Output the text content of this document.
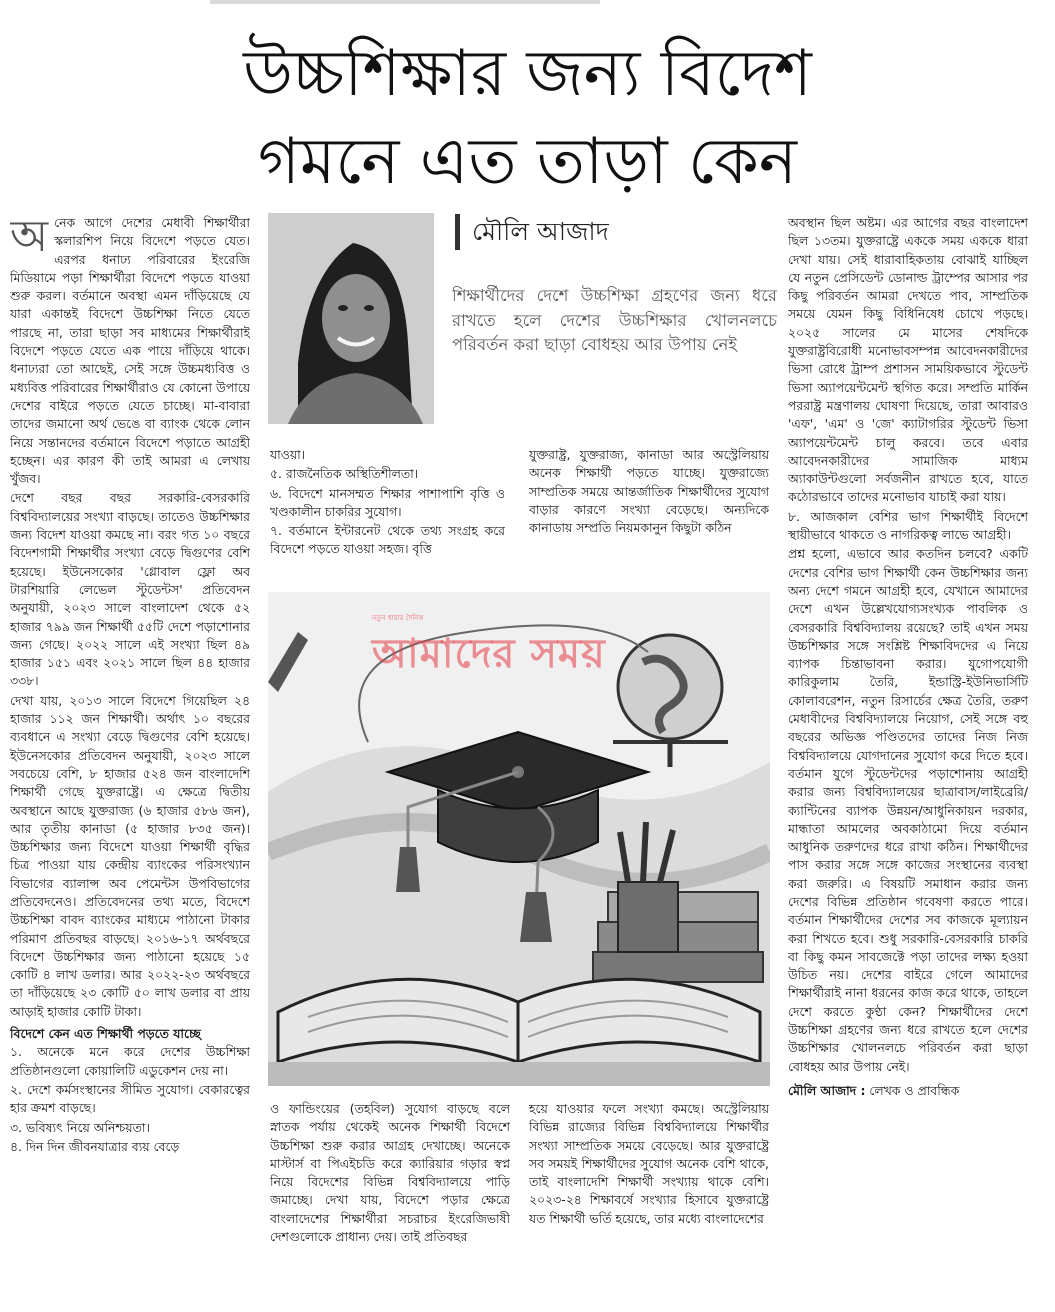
উচ্চশিক্ষার জন্য বিদেশ
গমনে এত তাড়া কেন

অ নেক আগে দেশের মেধাবী শিক্ষার্থীরা স্কলারশিপ নিয়ে বিদেশে পড়তে যেত। এরপর ধনাঢ্য পরিবারের ইংরেজি মিডিয়ামে পড়া শিক্ষার্থীরা বিদেশে পড়তে যাওয়া শুরু করল। বর্তমানে অবস্থা এমন দাঁড়িয়েছে যে যারা একান্তই বিদেশে উচ্চশিক্ষা নিতে যেতে পারছে না, তারা ছাড়া সব মাধ্যমের শিক্ষার্থীরাই বিদেশে পড়তে যেতে এক পায়ে দাঁড়িয়ে থাকে। ধনাঢ্যরা তো আছেই, সেই সঙ্গে উচ্চমধ্যবিত্ত ও মধ্যবিত্ত পরিবারের শিক্ষার্থীরাও যে কোনো উপায়ে দেশের বাইরে পড়তে যেতে চাচ্ছে। মা-বাবারা তাদের জমানো অর্থ ভেঙে বা ব্যাংক থেকে লোন নিয়ে সন্তানদের বর্তমানে বিদেশে পড়াতে আগ্রহী হচ্ছেন। এর কারণ কী তাই আমরা এ লেখায় খুঁজব।

দেশে বছর বছর সরকারি-বেসরকারি বিশ্ববিদ্যালয়ের সংখ্যা বাড়ছে। তাতেও উচ্চশিক্ষার জন্য বিদেশ যাওয়া কমছে না। বরং গত ১০ বছরে বিদেশগামী শিক্ষার্থীর সংখ্যা বেড়ে দ্বিগুণের বেশি হয়েছে। ইউনেসকোর 'গ্লোবাল ফ্লো অব টারশিয়ারি লেভেল স্টুডেন্টস' প্রতিবেদন অনুযায়ী, ২০২৩ সালে বাংলাদেশ থেকে ৫২ হাজার ৭৯৯ জন শিক্ষার্থী ৫৫টি দেশে পড়াশোনার জন্য গেছে। ২০২২ সালে এই সংখ্যা ছিল ৪৯ হাজার ১৫১ এবং ২০২১ সালে ছিল ৪৪ হাজার ৩৩৮।

দেখা যায়, ২০১৩ সালে বিদেশে গিয়েছিল ২৪ হাজার ১১২ জন শিক্ষার্থী। অর্থাৎ ১০ বছরের ব্যবধানে এ সংখ্যা বেড়ে দ্বিগুণের বেশি হয়েছে। ইউনেসকোর প্রতিবেদন অনুযায়ী, ২০২৩ সালে সবচেয়ে বেশি, ৮ হাজার ৫২৪ জন বাংলাদেশি শিক্ষার্থী গেছে যুক্তরাষ্ট্রে। এ ক্ষেত্রে দ্বিতীয় অবস্থানে আছে যুক্তরাজ্য (৬ হাজার ৫৮৬ জন), আর তৃতীয় কানাডা (৫ হাজার ৮৩৫ জন)। উচ্চশিক্ষার জন্য বিদেশে যাওয়া শিক্ষার্থী বৃদ্ধির চিত্র পাওয়া যায় কেন্দ্রীয় ব্যাংকের পরিসংখ্যান বিভাগের ব্যালান্স অব পেমেন্টস উপবিভাগের প্রতিবেদনেও। প্রতিবেদনের তথ্য মতে, বিদেশে উচ্চশিক্ষা বাবদ ব্যাংকের মাধ্যমে পাঠানো টাকার পরিমাণ প্রতিবছর বাড়ছে। ২০১৬-১৭ অর্থবছরে বিদেশে উচ্চশিক্ষার জন্য পাঠানো হয়েছে ১৫ কোটি ৪ লাখ ডলার। আর ২০২২-২৩ অর্থবছরে তা দাঁড়িয়েছে ২৩ কোটি ৫০ লাখ ডলার বা প্রায় আড়াই হাজার কোটি টাকা।

বিদেশে কেন এত শিক্ষার্থী পড়তে যাচ্ছে

১. অনেকে মনে করে দেশের উচ্চশিক্ষা প্রতিষ্ঠানগুলো কোয়ালিটি এডুকেশন দেয় না।

২. দেশে কর্মসংস্থানের সীমিত সুযোগ। বেকারত্বের হার ক্রমশ বাড়ছে।

৩. ভবিষ্যৎ নিয়ে অনিশ্চয়তা।

৪. দিন দিন জীবনযাত্রার ব্যয় বেড়ে

মৌলি আজাদ
শিক্ষার্থীদের দেশে উচ্চশিক্ষা গ্রহণের জন্য ধরে রাখতে হলে দেশের উচ্চশিক্ষার খোলনলচে পরিবর্তন করা ছাড়া বোধহয় আর উপায় নেই

যাওয়া।

৫. রাজনৈতিক অস্থিতিশীলতা।

৬. বিদেশে মানসম্মত শিক্ষার পাশাপাশি বৃত্তি ও খণ্ডকালীন চাকরির সুযোগ।

৭. বর্তমানে ইন্টারনেট থেকে তথ্য সংগ্রহ করে বিদেশে পড়তে যাওয়া সহজ। বৃত্তি

যুক্তরাষ্ট্র, যুক্তরাজ্য, কানাডা আর অস্ট্রেলিয়ায় অনেক শিক্ষার্থী পড়তে যাচ্ছে। যুক্তরাজ্যে সাম্প্রতিক সময়ে আন্তর্জাতিক শিক্ষার্থীদের সুযোগ বাড়ার কারণে সংখ্যা বেড়েছে। অন্যদিকে কানাডায় সম্প্রতি নিয়মকানুন কিছুটা কঠিন

নতুন ধারার দৈনিক
আমাদের সময়

ও ফান্ডিংয়ের (তহবিল) সুযোগ বাড়ছে বলে স্নাতক পর্যায় থেকেই অনেক শিক্ষার্থী বিদেশে উচ্চশিক্ষা শুরু করার আগ্রহ দেখাচ্ছে। অনেকে মাস্টার্স বা পিএইচডি করে ক্যারিয়ার গড়ার স্বপ্ন নিয়ে বিদেশের বিভিন্ন বিশ্ববিদ্যালয়ে পাড়ি জমাচ্ছে। দেখা যায়, বিদেশে পড়ার ক্ষেত্রে বাংলাদেশের শিক্ষার্থীরা সচরাচর ইংরেজিভাষী দেশগুলোকে প্রাধান্য দেয়। তাই প্রতিবছর

হয়ে যাওয়ার ফলে সংখ্যা কমছে। অস্ট্রেলিয়ায় বিভিন্ন রাজ্যের বিভিন্ন বিশ্ববিদ্যালয়ে শিক্ষার্থীর সংখ্যা সাম্প্রতিক সময়ে বেড়েছে। আর যুক্তরাষ্ট্রে সব সময়ই শিক্ষার্থীদের সুযোগ অনেক বেশি থাকে, তাই বাংলাদেশি শিক্ষার্থী সংখ্যায় থাকে বেশি। ২০২৩-২৪ শিক্ষাবর্ষে সংখ্যার হিসাবে যুক্তরাষ্ট্রে যত শিক্ষার্থী ভর্তি হয়েছে, তার মধ্যে বাংলাদেশের

অবস্থান ছিল অষ্টম। এর আগের বছর বাংলাদেশ ছিল ১৩তম। যুক্তরাষ্ট্রে এককে সময় এককে ধারা দেখা যায়। সেই ধারাবাহিকতায় বোঝাই যাচ্ছিল যে নতুন প্রেসিডেন্ট ডোনাল্ড ট্রাম্পের আসার পর কিছু পরিবর্তন আমরা দেখতে পাব, সাম্প্রতিক সময়ে যেমন কিছু বিধিনিষেধ চোখে পড়ছে। ২০২৫ সালের মে মাসের শেষদিকে যুক্তরাষ্ট্রবিরোধী মনোভাবসম্পন্ন আবেদনকারীদের ভিসা রোধে ট্রাম্প প্রশাসন সাময়িকভাবে স্টুডেন্ট ভিসা অ্যাপয়েন্টমেন্ট স্থগিত করে। সম্প্রতি মার্কিন পররাষ্ট্র মন্ত্রণালয় ঘোষণা দিয়েছে, তারা আবারও 'এফ', 'এম' ও 'জে' ক্যাটাগরির স্টুডেন্ট ভিসা অ্যাপয়েন্টমেন্ট চালু করবে। তবে এবার আবেদনকারীদের সামাজিক মাধ্যম অ্যাকাউন্টগুলো সর্বজনীন রাখতে হবে, যাতে কঠোরভাবে তাদের মনোভাব যাচাই করা যায়।

৮. আজকাল বেশির ভাগ শিক্ষার্থীই বিদেশে স্থায়ীভাবে থাকতে ও নাগরিকত্ব লাভে আগ্রহী।

প্রশ্ন হলো, এভাবে আর কতদিন চলবে? একটি দেশের বেশির ভাগ শিক্ষার্থী কেন উচ্চশিক্ষার জন্য অন্য দেশে গমনে আগ্রহী হবে, যেখানে আমাদের দেশে এখন উল্লেখযোগ্যসংখ্যক পাবলিক ও বেসরকারি বিশ্ববিদ্যালয় রয়েছে? তাই এখন সময় উচ্চশিক্ষার সঙ্গে সংশ্লিষ্ট শিক্ষাবিদদের এ নিয়ে ব্যাপক চিন্তাভাবনা করার। যুগোপযোগী কারিকুলাম তৈরি, ইন্ডাস্ট্রি-ইউনিভার্সিটি কোলাবরেশন, নতুন রিসার্চের ক্ষেত্র তৈরি, তরুণ মেধাবীদের বিশ্ববিদ্যালয়ে নিয়োগ, সেই সঙ্গে বহু বছরের অভিজ্ঞ পণ্ডিতদের তাদের নিজ নিজ বিশ্ববিদ্যালয়ে যোগদানের সুযোগ করে দিতে হবে। বর্তমান যুগে স্টুডেন্টদের পড়াশোনায় আগ্রহী করার জন্য বিশ্ববিদ্যালয়ের ছাত্রাবাস/লাইব্রেরি/ক্যান্টিনের ব্যাপক উন্নয়ন/আধুনিকায়ন দরকার, মান্ধাতা আমলের অবকাঠামো দিয়ে বর্তমান আধুনিক তরুণদের ধরে রাখা কঠিন। শিক্ষার্থীদের পাস করার সঙ্গে সঙ্গে কাজের সংস্থানের ব্যবস্থা করা জরুরি। এ বিষয়টি সমাধান করার জন্য দেশের বিভিন্ন প্রতিষ্ঠান গবেষণা করতে পারে। বর্তমান শিক্ষার্থীদের দেশের সব কাজকে মূল্যায়ন করা শিখতে হবে। শুধু সরকারি-বেসরকারি চাকরি বা কিছু কমন সাবজেক্টে পড়া তাদের লক্ষ্য হওয়া উচিত নয়। দেশের বাইরে গেলে আমাদের শিক্ষার্থীরাই নানা ধরনের কাজ করে থাকে, তাহলে দেশে করতে কুণ্ঠা কেন? শিক্ষার্থীদের দেশে উচ্চশিক্ষা গ্রহণের জন্য ধরে রাখতে হলে দেশের উচ্চশিক্ষার খোলনলচে পরিবর্তন করা ছাড়া বোধহয় আর উপায় নেই।

মৌলি আজাদ : লেখক ও প্রাবন্ধিক
